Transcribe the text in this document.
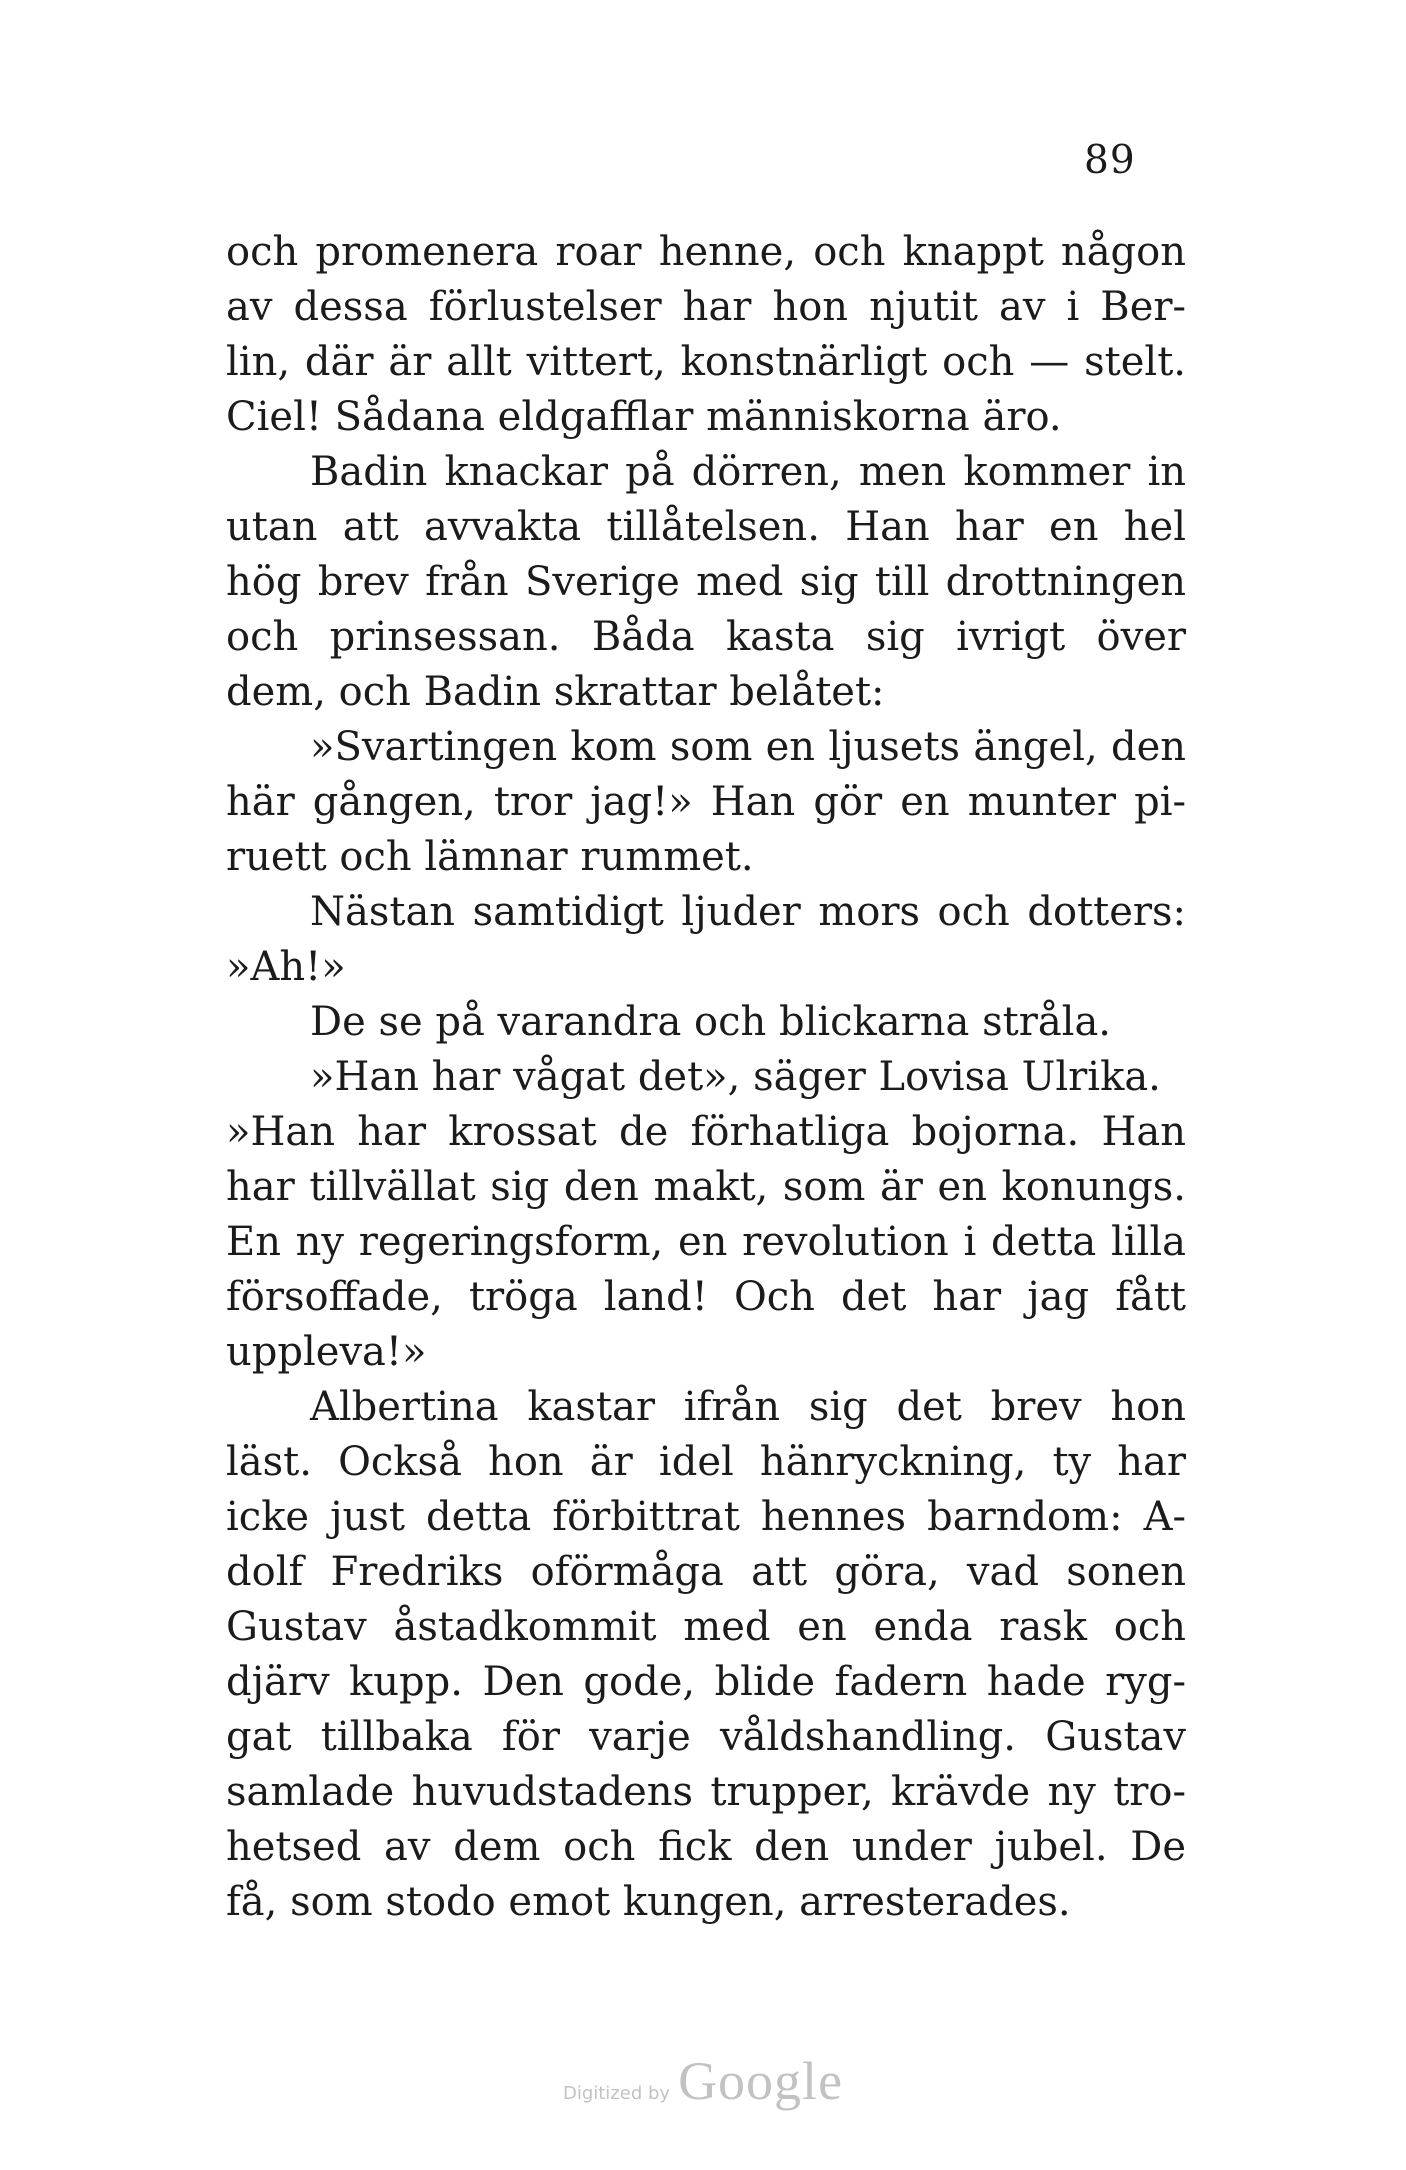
89
och promenera roar henne, och knappt någon
av dessa förlustelser har hon njutit av i Ber-
lin, där är allt vittert, konstnärligt och — stelt.
Ciel! Sådana eldgafflar människorna äro.
Badin knackar på dörren, men kommer in
utan att avvakta tillåtelsen. Han har en hel
hög brev från Sverige med sig till drottningen
och prinsessan. Båda kasta sig ivrigt över
dem, och Badin skrattar belåtet:
»Svartingen kom som en ljusets ängel, den
här gången, tror jag!» Han gör en munter pi-
ruett och lämnar rummet.
Nästan samtidigt ljuder mors och dotters:
»Ah!»
De se på varandra och blickarna stråla.
»Han har vågat det», säger Lovisa Ulrika.
»Han har krossat de förhatliga bojorna. Han
har tillvällat sig den makt, som är en konungs.
En ny regeringsform, en revolution i detta lilla
försoffade, tröga land! Och det har jag fått
uppleva!»
Albertina kastar ifrån sig det brev hon
läst. Också hon är idel hänryckning, ty har
icke just detta förbittrat hennes barndom: A-
dolf Fredriks oförmåga att göra, vad sonen
Gustav åstadkommit med en enda rask och
djärv kupp. Den gode, blide fadern hade ryg-
gat tillbaka för varje våldshandling. Gustav
samlade huvudstadens trupper, krävde ny tro-
hetsed av dem och fick den under jubel. De
få, som stodo emot kungen, arresterades.
Digitized by Google
